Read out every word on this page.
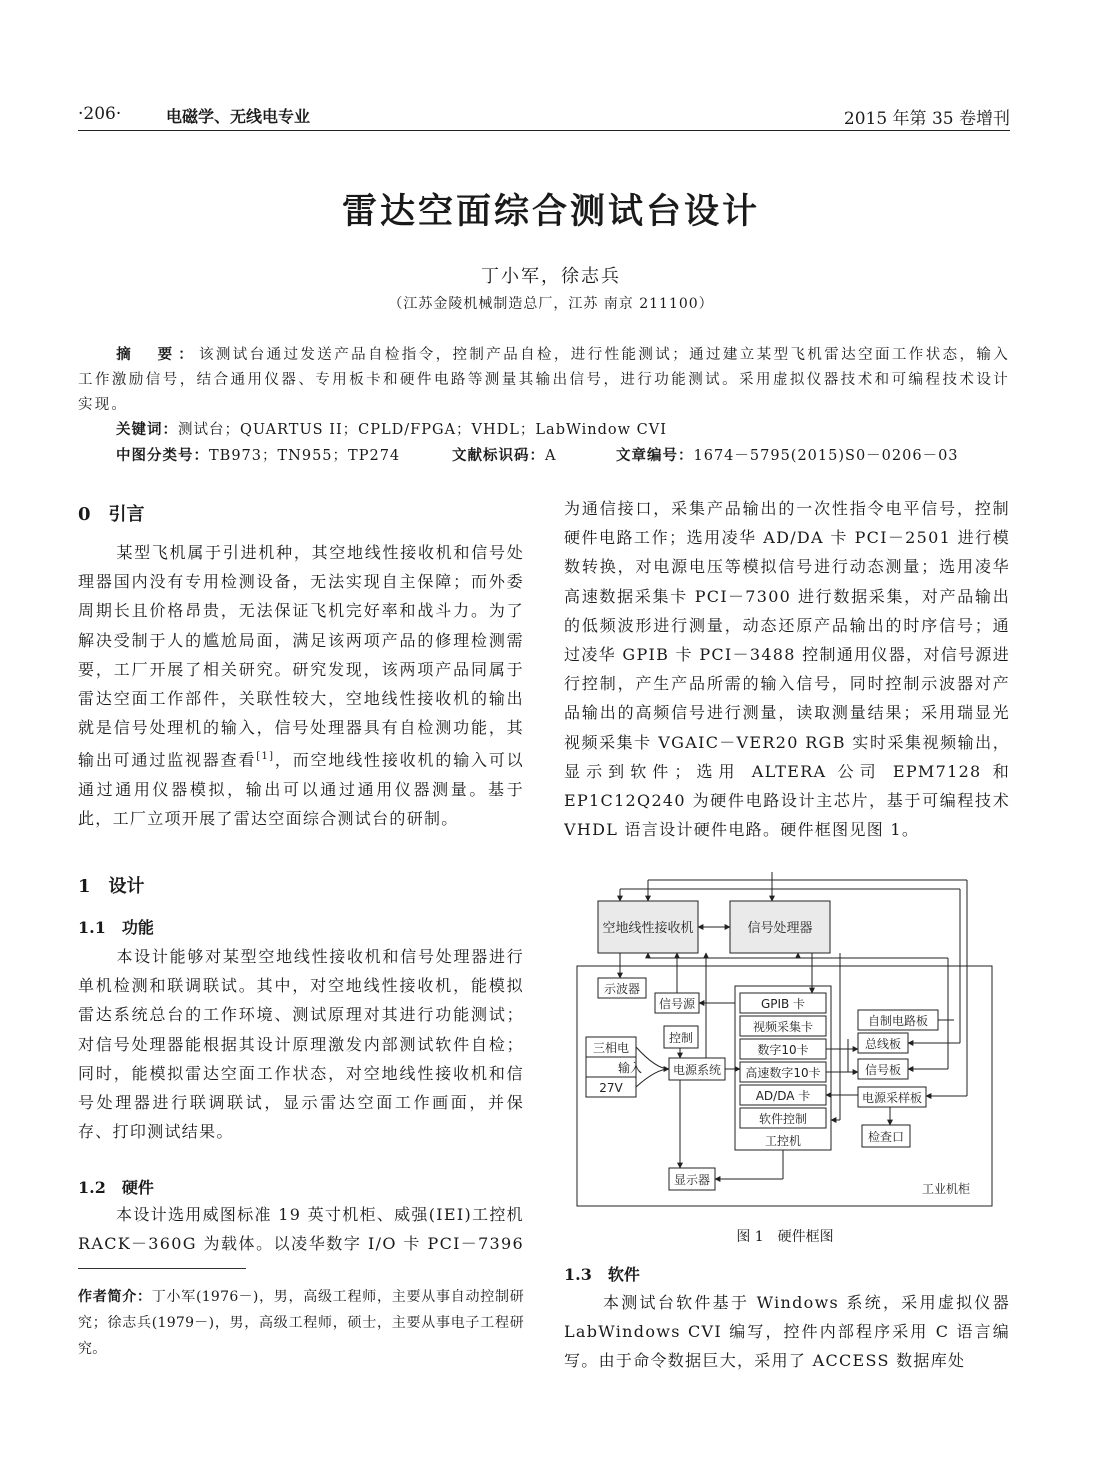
·206·	电磁学、无线电专业	2015 年第 35 卷增刊
雷达空面综合测试台设计
丁小军，徐志兵
（江苏金陵机械制造总厂，江苏 南京 211100）

摘　要：该测试台通过发送产品自检指令，控制产品自检，进行性能测试；通过建立某型飞机雷达空面工作状态，输入工作激励信号，结合通用仪器、专用板卡和硬件电路等测量其输出信号，进行功能测试。采用虚拟仪器技术和可编程技术设计实现。

关键词：测试台；QUARTUS II；CPLD/FPGA；VHDL；LabWindow CVI
中图分类号：TB973；TN955；TP274	文献标识码：A	文章编号：1674－5795(2015)S0－0206－03
0　引言

某型飞机属于引进机种，其空地线性接收机和信号处理器国内没有专用检测设备，无法实现自主保障；而外委周期长且价格昂贵，无法保证飞机完好率和战斗力。为了解决受制于人的尴尬局面，满足该两项产品的修理检测需要，工厂开展了相关研究。研究发现，该两项产品同属于雷达空面工作部件，关联性较大，空地线性接收机的输出就是信号处理机的输入，信号处理器具有自检测功能，其输出可通过监视器查看[1]，而空地线性接收机的输入可以通过通用仪器模拟，输出可以通过通用仪器测量。基于此，工厂立项开展了雷达空面综合测试台的研制。

1　设计
1.1　功能

本设计能够对某型空地线性接收机和信号处理器进行单机检测和联调联试。其中，对空地线性接收机，能模拟雷达系统总台的工作环境、测试原理对其进行功能测试；对信号处理器能根据其设计原理激发内部测试软件自检；同时，能模拟雷达空面工作状态，对空地线性接收机和信号处理器进行联调联试，显示雷达空面工作画面，并保存、打印测试结果。

1.2　硬件

本设计选用威图标准 19 英寸机柜、威强(IEI)工控机 RACK－360G 为载体。以凌华数字 I/O 卡 PCI－7396

为通信接口，采集产品输出的一次性指令电平信号，控制硬件电路工作；选用凌华 AD/DA 卡 PCI－2501 进行模数转换，对电源电压等模拟信号进行动态测量；选用凌华高速数据采集卡 PCI－7300 进行数据采集，对产品输出的低频波形进行测量，动态还原产品输出的时序信号；通过凌华 GPIB 卡 PCI－3488 控制通用仪器，对信号源进行控制，产生产品所需的输入信号，同时控制示波器对产品输出的高频信号进行测量，读取测量结果；采用瑞显光视频采集卡 VGAIC－VER20 RGB 实时采集视频输出，显示到软件；选用 ALTERA 公司 EPM7128 和 EP1C12Q240 为硬件电路设计主芯片，基于可编程技术 VHDL 语言设计硬件电路。硬件框图见图 1。

作者简介：丁小军(1976－)，男，高级工程师，主要从事自动控制研究；徐志兵(1979－)，男，高级工程师，硕士，主要从事电子工程研究。

空地线性接收机	信号处理器
示波器
信号源
控制
三相电
输入
27V
电源系统
显示器
GPIB 卡
视频采集卡
数字10卡
高速数字10卡
AD/DA 卡
软件控制
工控机
自制电路板
总线板
信号板
电源采样板
检查口
工业机柜
图 1　硬件框图
1.3　软件

本测试台软件基于 Windows 系统，采用虚拟仪器 LabWindows CVI 编写，控件内部程序采用 C 语言编写。由于命令数据巨大，采用了 ACCESS 数据库处
